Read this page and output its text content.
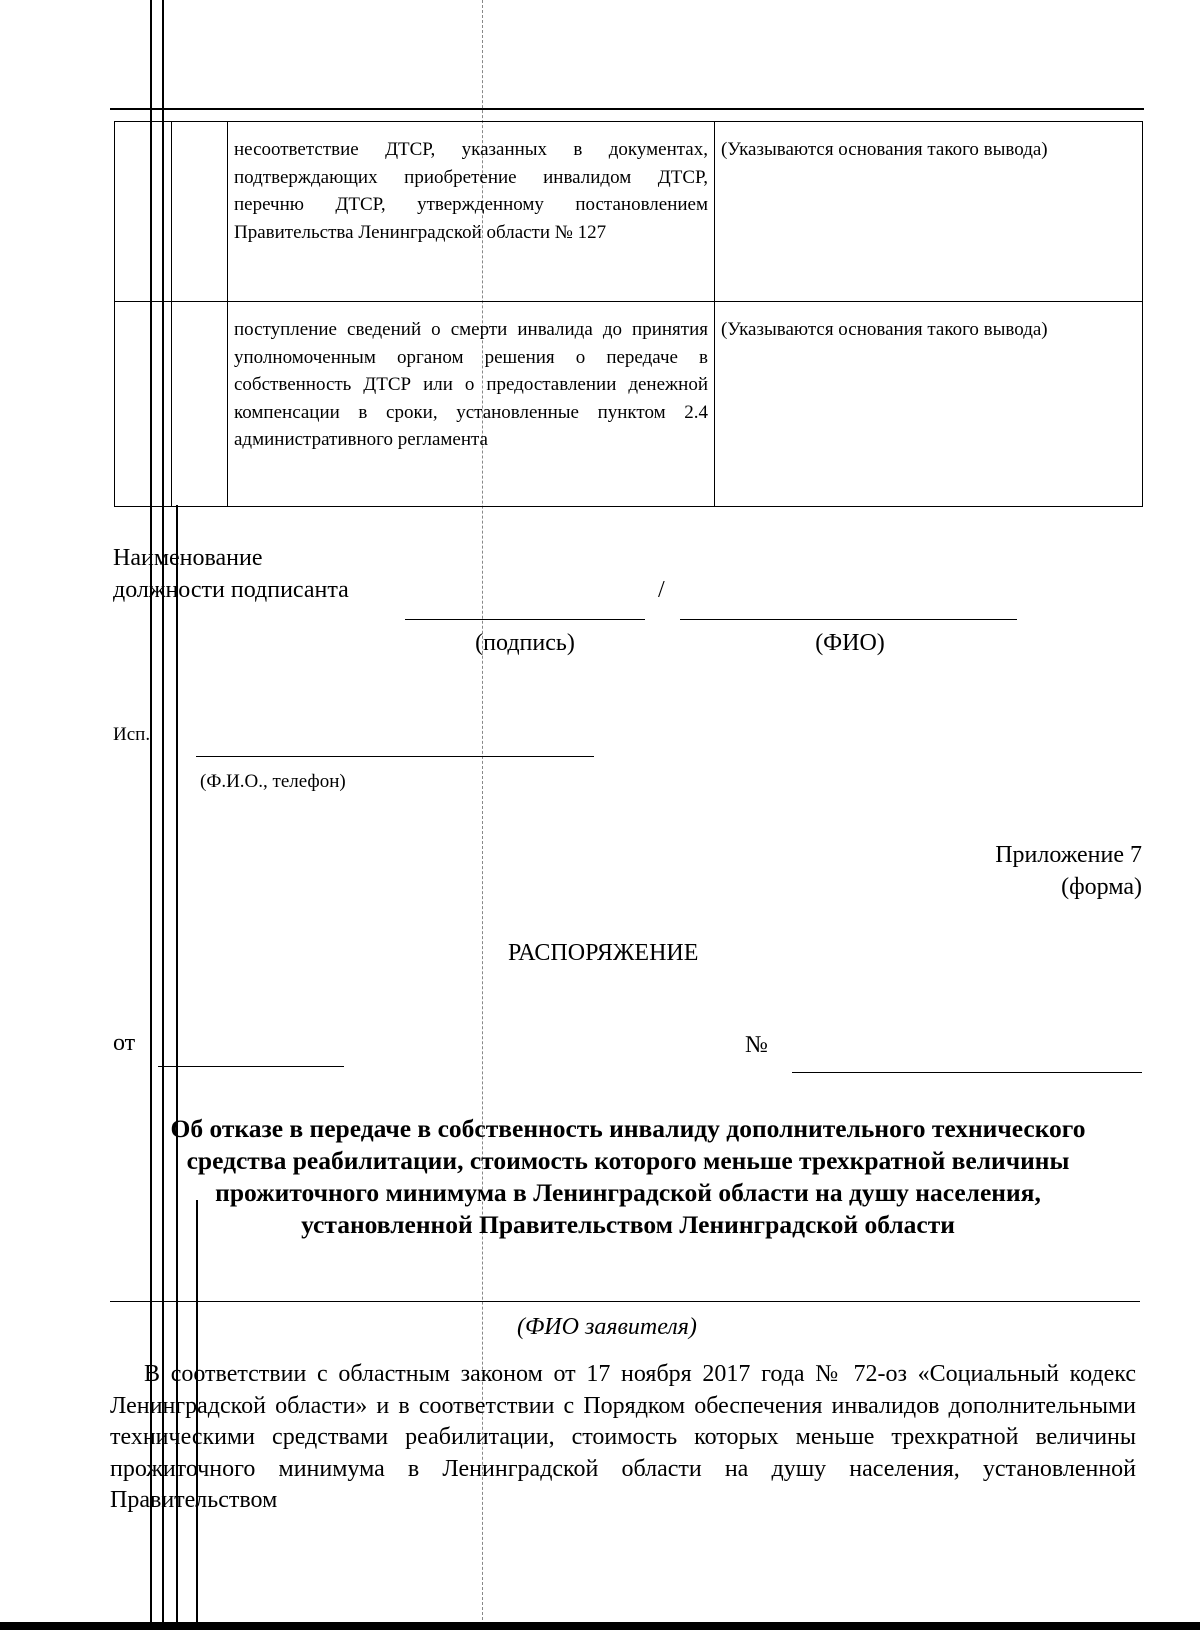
		несоответствие ДТСР, указанных в документах, подтверждающих приобретение инвалидом ДТСР, перечню ДТСР, утвержденному постановлением Правительства Ленинградской области № 127	(Указываются основания такого вывода)
		поступление сведений о смерти инвалида до принятия уполномоченным органом решения о передаче в собственность ДТСР или о предоставлении денежной компенсации в сроки, установленные пунктом 2.4 административного регламента	(Указываются основания такого вывода)
Наименование
должности подписанта	/
(подпись)	(ФИО)
Исп.
(Ф.И.О., телефон)
Приложение 7
(форма)
РАСПОРЯЖЕНИЕ
от	№
Об отказе в передаче в собственность инвалиду дополнительного технического
средства реабилитации, стоимость которого меньше трехкратной величины
прожиточного минимума в Ленинградской области на душу населения,
установленной Правительством Ленинградской области
(ФИО заявителя)
В соответствии с областным законом от 17 ноября 2017 года № 72-оз «Социальный кодекс Ленинградской области» и в соответствии с Порядком обеспечения инвалидов дополнительными техническими средствами реабилитации, стоимость которых меньше трехкратной величины прожиточного минимума в Ленинградской области на душу населения, установленной Правительством
